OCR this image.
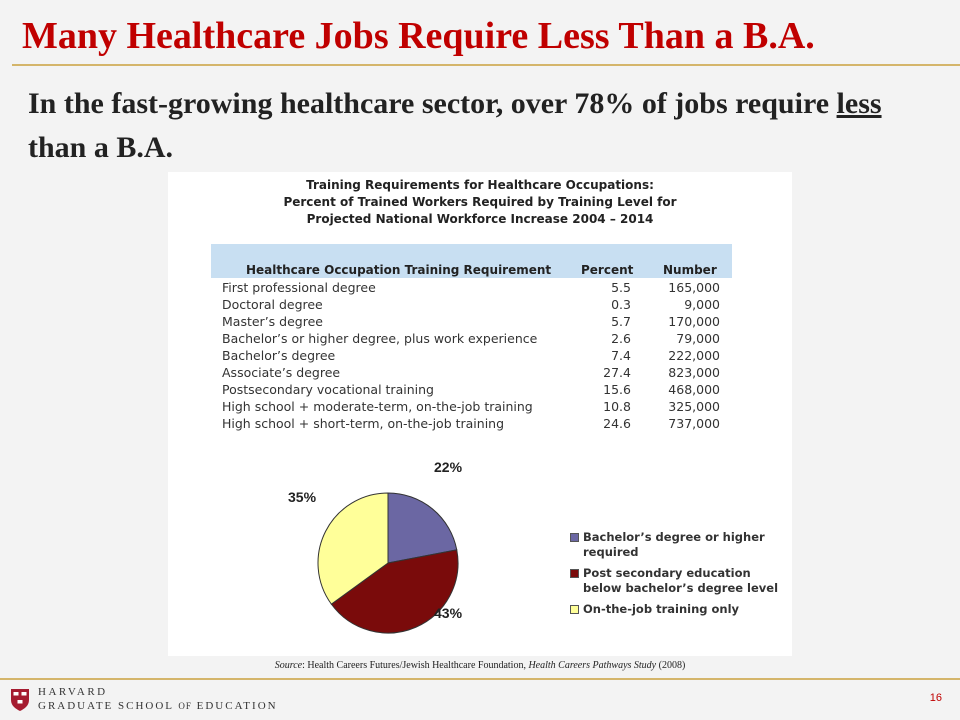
Many Healthcare Jobs Require Less Than a B.A.

In the fast-growing healthcare sector, over 78% of jobs require less than a B.A.

Training Requirements for Healthcare Occupations:
Percent of Trained Workers Required by Training Level for
Projected National Workforce Increase 2004 – 2014
Healthcare Occupation Training Requirement Percent Number
First professional degree	5.5	165,000
Doctoral degree	0.3	9,000
Master’s degree	5.7	170,000
Bachelor’s or higher degree, plus work experience	2.6	79,000
Bachelor’s degree	7.4	222,000
Associate’s degree	27.4	823,000
Postsecondary vocational training	15.6	468,000
High school + moderate-term, on-the-job training	10.8	325,000
High school + short-term, on-the-job training	24.6	737,000
22%
43%
35%
Bachelor’s degree or higher required
Post secondary education below bachelor’s degree level
On-the-job training only
Source: Health Careers Futures/Jewish Healthcare Foundation, Health Careers Pathways Study (2008)
HARVARD
GRADUATE SCHOOL OF EDUCATION
16
